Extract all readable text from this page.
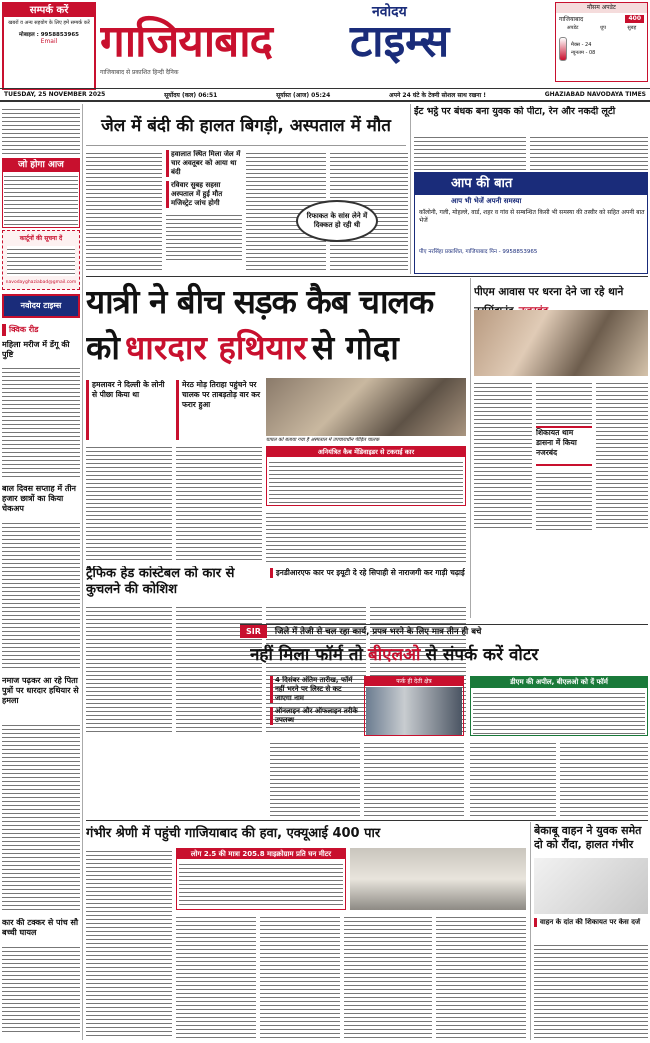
सम्पर्क करें
खबरों व अन्य सहयोग के लिए हमें सम्पर्क करें
मोबाइल : 9958853965
Email
नवोदय
गाजियाबाद टाइम्स
गाजियाबाद से प्रकाशित हिन्दी दैनिक
मौसम अपडेट
गाजियाबाद	400
अपडेट	धूप	सुबह
मैक्स - 24
न्यूनतम - 08
TUESDAY, 25 NOVEMBER 2025	सूर्योदय (कल) 06:51	सूर्यास्त (आज) 05:24	अपने 24 घंटे के टेक्नी सोशल साथ रखना !	GHAZIABAD NAVODAYA TIMES
जो होगा आज
कार्टूनों की सूचना दें
navodayghaziabad@gmail.com
नवोदय टाइम्स
क्विक रीड
महिला मरीज में डेंगू की पुष्टि
बाल दिवस सप्ताह में तीन हजार छात्रों का किया चेकअप
नमाज पढ़कर आ रहे पिता पुत्रों पर धारदार हथियार से हमला
कार की टक्कर से पांच सौ बच्ची घायल
जेल में बंदी की हालत बिगड़ी, अस्पताल में मौत
हवालात स्थित मिला जेल में चार अवतूबर को आया था बंदी
रविवार सुबह सहसा अस्पताल में हुई मौत मजिस्ट्रेट जांच होगी
रिफाकत के सांस लेने में दिक्कत हो रही थी
ईंट भट्ठे पर बंधक बना युवक को पीटा, रेन और नकदी लूटी
आप की बात
आप भी भेजें अपनी समस्या
कॉलोनी, गली, मोहल्ले, वार्ड, शहर व गांव से सम्बन्धित किसी भी समस्या की तस्वीर को सहित अपनी बात भेजें
पीए नरसिंहा प्रकाशित, गाजियाबाद पिन - 9958853965
यात्री ने बीच सड़क कैब चालक
को धारदार हथियार से गोदा
हमलावर ने दिल्ली के लोनी से पीछा किया था
मेरठ मोड़ तिराहा पहुंचने पर चालक पर ताबड़तोड़ वार कर फरार हुआ
घायल को बताया गया है अस्पताल में उपचाराधीन पीड़ित चालक
अनियंत्रित कैब मेंडिवाइडर से टकराई कार
पीएम आवास पर धरना देने जा रहे थाने
शिकायत थाम डासना में किया नजरबंद
ट्रैफिक हेड कांस्टेबल को कार से कुचलने की कोशिश
इनडीआरएफ कार पर इयूटी दे रहे सिपाही से नाराजगी कर गाड़ी चढ़ाई
SIR	जिले में तेजी से चल रहा कार्य, प्रपत्र भरने के लिए मात्र तीन ही बचे
नहीं मिला फॉर्म तो बीएलओ से संपर्क करें वोटर
4 दिसंबर अंतिम तारीख, फॉर्म नहीं भरने पर लिस्ट से कट जाएगा नाम
ऑनलाइन और ऑफलाइन तरीके उपलब्ध
फर्क ही देती क्षेत्र	डीएम की अपील, बीएलओ को दें फॉर्म
गंभीर श्रेणी में पहुंची गाजियाबाद की हवा, एक्यूआई 400 पार
लोग 2.5 की मात्रा 205.8 माइक्रोग्राम प्रति घन मीटर
बेकाबू वाहन ने युवक समेत दो को रौंदा, हालत गंभीर
वाहन के दांत की शिकायत पर केस दर्ज
